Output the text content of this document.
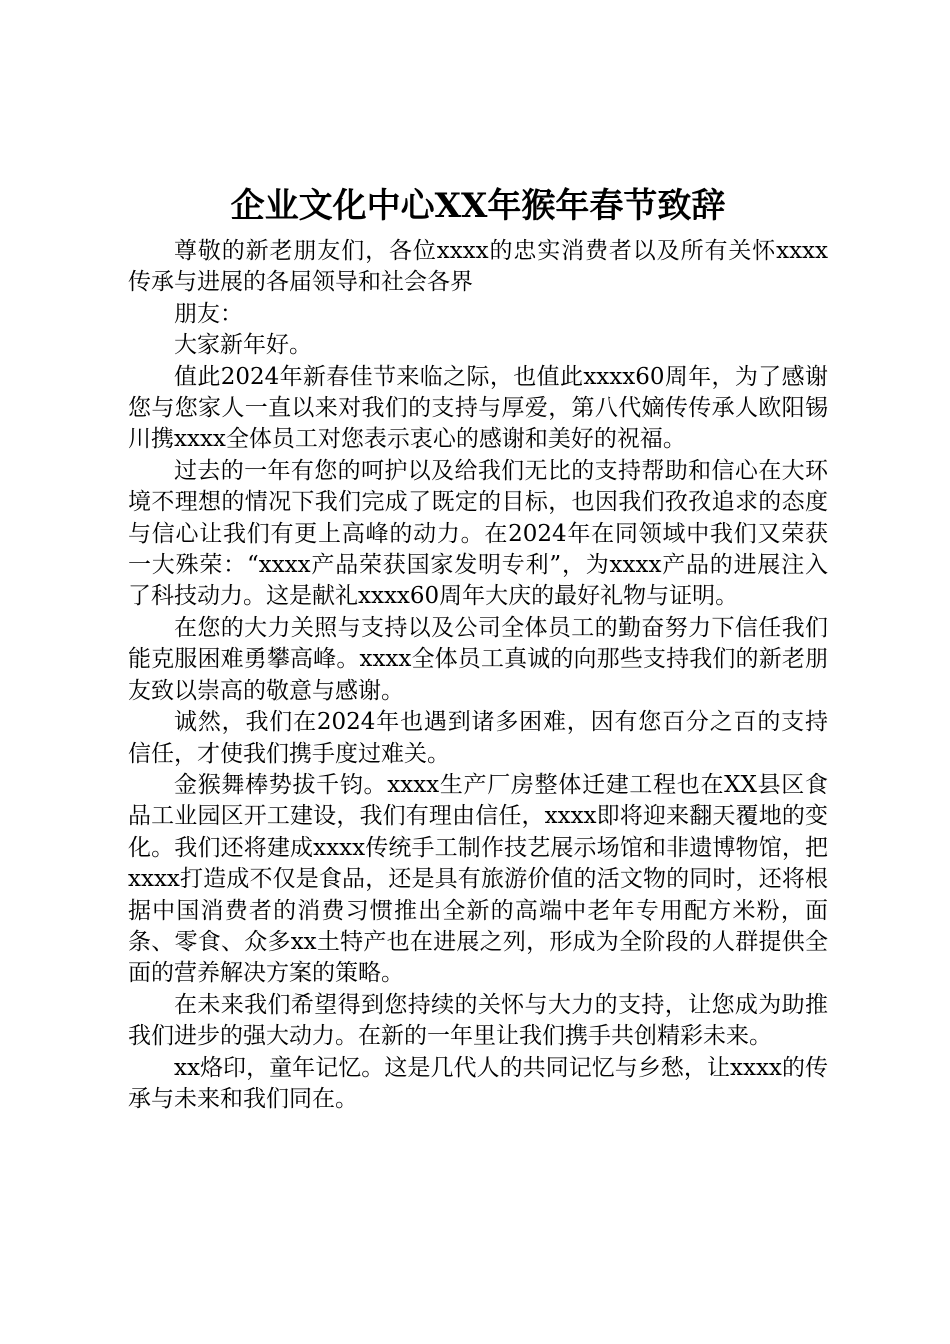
企业文化中心XX年猴年春节致辞

尊敬的新老朋友们，各位xxxx的忠实消费者以及所有关怀xxxx传承与进展的各届领导和社会各界

朋友：

大家新年好。

值此2024年新春佳节来临之际，也值此xxxx60周年，为了感谢您与您家人一直以来对我们的支持与厚爱，第八代嫡传传承人欧阳锡川携xxxx全体员工对您表示衷心的感谢和美好的祝福。

过去的一年有您的呵护以及给我们无比的支持帮助和信心在大环境不理想的情况下我们完成了既定的目标，也因我们孜孜追求的态度与信心让我们有更上高峰的动力。在2024年在同领域中我们又荣获一大殊荣：“xxxx产品荣获国家发明专利”，为xxxx产品的进展注入了科技动力。这是献礼xxxx60周年大庆的最好礼物与证明。

在您的大力关照与支持以及公司全体员工的勤奋努力下信任我们能克服困难勇攀高峰。xxxx全体员工真诚的向那些支持我们的新老朋友致以崇高的敬意与感谢。

诚然，我们在2024年也遇到诸多困难，因有您百分之百的支持信任，才使我们携手度过难关。

金猴舞棒势拔千钧。xxxx生产厂房整体迁建工程也在XX县区食品工业园区开工建设，我们有理由信任，xxxx即将迎来翻天覆地的变化。我们还将建成xxxx传统手工制作技艺展示场馆和非遗博物馆，把xxxx打造成不仅是食品，还是具有旅游价值的活文物的同时，还将根据中国消费者的消费习惯推出全新的高端中老年专用配方米粉，面条、零食、众多xx土特产也在进展之列，形成为全阶段的人群提供全面的营养解决方案的策略。

在未来我们希望得到您持续的关怀与大力的支持，让您成为助推我们进步的强大动力。在新的一年里让我们携手共创精彩未来。

xx烙印，童年记忆。这是几代人的共同记忆与乡愁，让xxxx的传承与未来和我们同在。
